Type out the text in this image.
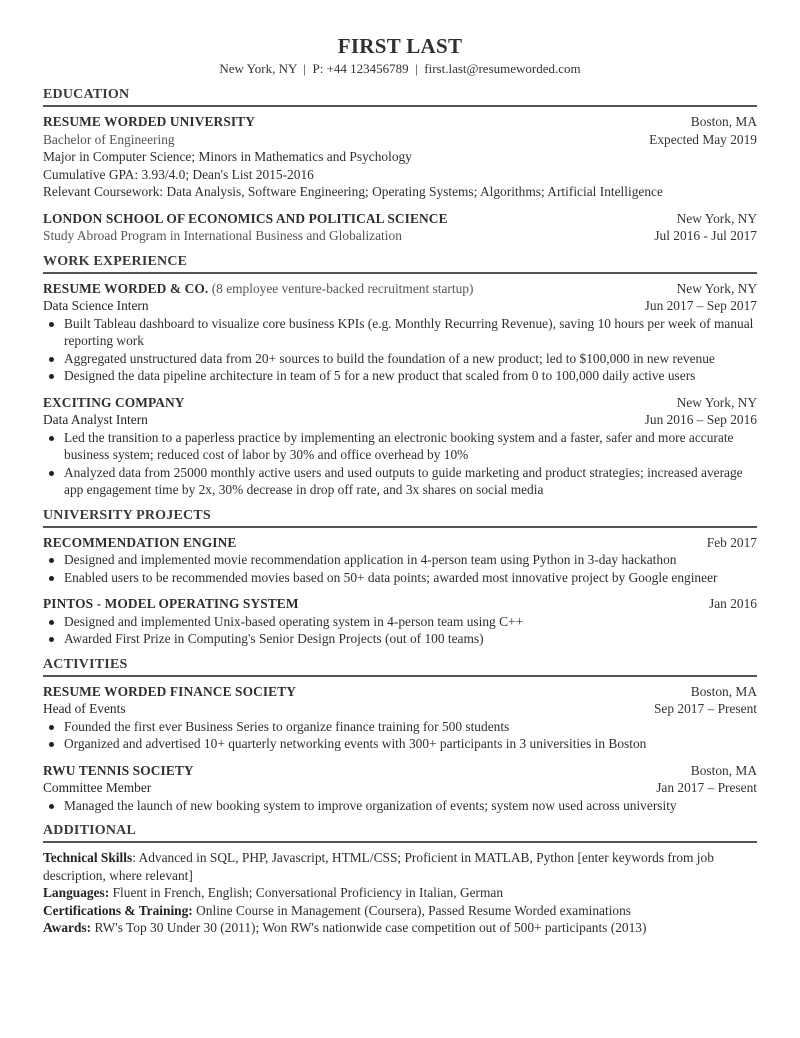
FIRST LAST
New York, NY  |  P: +44 123456789  |  first.last@resumeworded.com
EDUCATION
RESUME WORDED UNIVERSITY	Boston, MA
Bachelor of Engineering	Expected May 2019
Major in Computer Science; Minors in Mathematics and Psychology
Cumulative GPA: 3.93/4.0; Dean's List 2015-2016
Relevant Coursework: Data Analysis, Software Engineering; Operating Systems; Algorithms; Artificial Intelligence
LONDON SCHOOL OF ECONOMICS AND POLITICAL SCIENCE	New York, NY
Study Abroad Program in International Business and Globalization	Jul 2016 - Jul 2017
WORK EXPERIENCE
RESUME WORDED & CO. (8 employee venture-backed recruitment startup)	New York, NY
Data Science Intern	Jun 2017 – Sep 2017
Built Tableau dashboard to visualize core business KPIs (e.g. Monthly Recurring Revenue), saving 10 hours per week of manual reporting work
Aggregated unstructured data from 20+ sources to build the foundation of a new product; led to $100,000 in new revenue
Designed the data pipeline architecture in team of 5 for a new product that scaled from 0 to 100,000 daily active users
EXCITING COMPANY	New York, NY
Data Analyst Intern	Jun 2016 – Sep 2016
Led the transition to a paperless practice by implementing an electronic booking system and a faster, safer and more accurate business system; reduced cost of labor by 30% and office overhead by 10%
Analyzed data from 25000 monthly active users and used outputs to guide marketing and product strategies; increased average app engagement time by 2x, 30% decrease in drop off rate, and 3x shares on social media
UNIVERSITY PROJECTS
RECOMMENDATION ENGINE	Feb 2017
Designed and implemented movie recommendation application in 4-person team using Python in 3-day hackathon
Enabled users to be recommended movies based on 50+ data points; awarded most innovative project by Google engineer
PINTOS - MODEL OPERATING SYSTEM	Jan 2016
Designed and implemented Unix-based operating system in 4-person team using C++
Awarded First Prize in Computing's Senior Design Projects (out of 100 teams)
ACTIVITIES
RESUME WORDED FINANCE SOCIETY	Boston, MA
Head of Events	Sep 2017 – Present
Founded the first ever Business Series to organize finance training for 500 students
Organized and advertised 10+ quarterly networking events with 300+ participants in 3 universities in Boston
RWU TENNIS SOCIETY	Boston, MA
Committee Member	Jan 2017 – Present
Managed the launch of new booking system to improve organization of events; system now used across university
ADDITIONAL
Technical Skills: Advanced in SQL, PHP, Javascript, HTML/CSS; Proficient in MATLAB, Python [enter keywords from job description, where relevant]
Languages: Fluent in French, English; Conversational Proficiency in Italian, German
Certifications & Training: Online Course in Management (Coursera), Passed Resume Worded examinations
Awards: RW's Top 30 Under 30 (2011); Won RW's nationwide case competition out of 500+ participants (2013)
